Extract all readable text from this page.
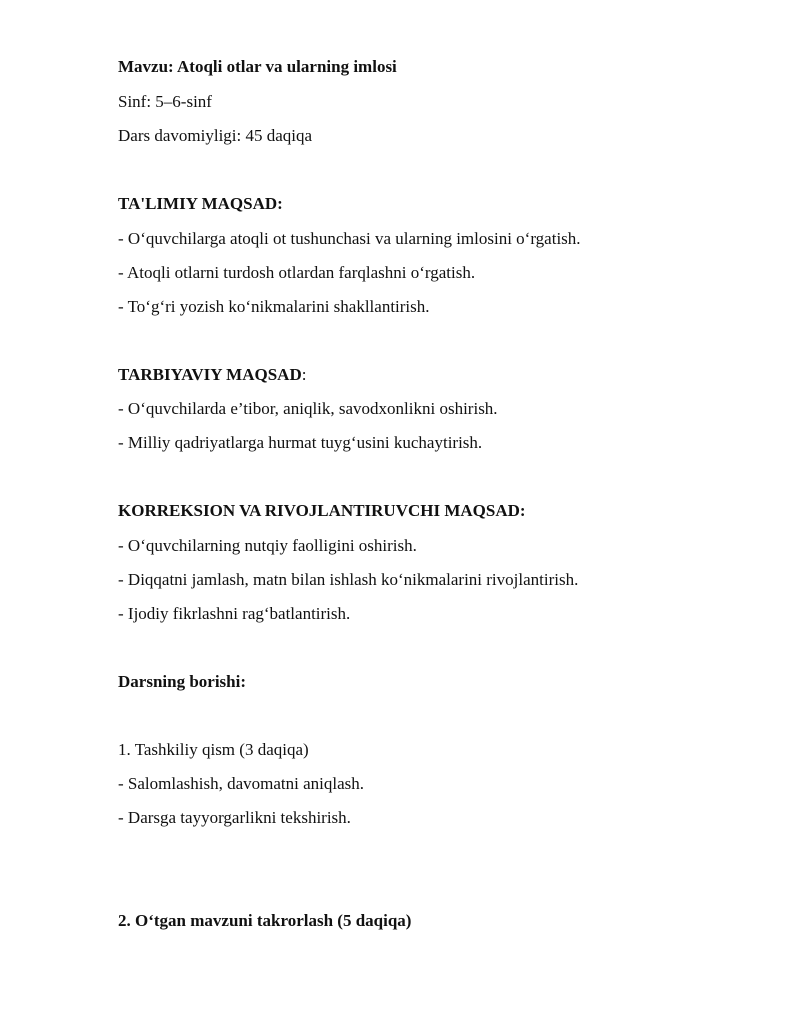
Mavzu: Atoqli otlar va ularning imlosi
Sinf: 5–6-sinf
Dars davomiyligi: 45 daqiqa
TA'LIMIY MAQSAD:
- O‘quvchilarga atoqli ot tushunchasi va ularning imlosini o‘rgatish.
- Atoqli otlarni turdosh otlardan farqlashni o‘rgatish.
- To‘g‘ri yozish ko‘nikmalarini shakllantirish.
TARBIYAVIY MAQSAD:
- O‘quvchilarda e’tibor, aniqlik, savodxonlikni oshirish.
- Milliy qadriyatlarga hurmat tuyg‘usini kuchaytirish.
KORREKSION VA RIVOJLANTIRUVCHI MAQSAD:
- O‘quvchilarning nutqiy faolligini oshirish.
- Diqqatni jamlash, matn bilan ishlash ko‘nikmalarini rivojlantirish.
- Ijodiy fikrlashni rag‘batlantirish.
Darsning borishi:
1. Tashkiliy qism (3 daqiqa)
- Salomlashish, davomatni aniqlash.
- Darsga tayyorgarlikni tekshirish.
2. O‘tgan mavzuni takrorlash (5 daqiqa)
